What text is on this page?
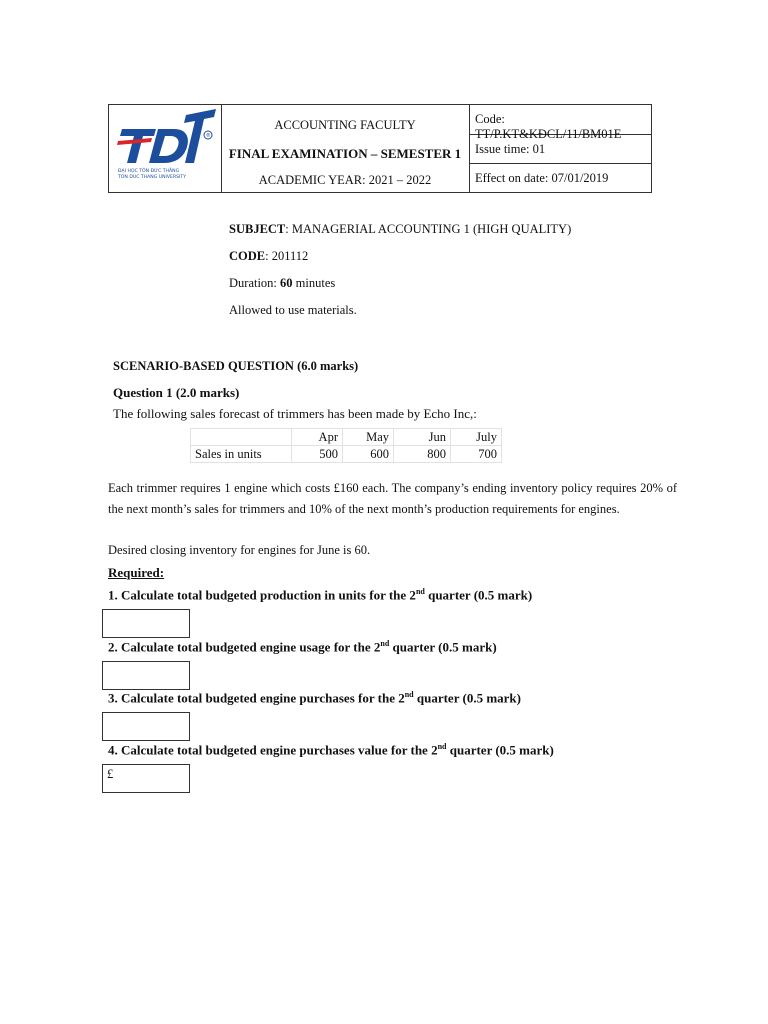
®
ĐẠI HỌC TÔN ĐỨC THẮNG
TON DUC THANG UNIVERSITY
ACCOUNTING FACULTY
FINAL EXAMINATION – SEMESTER 1
ACADEMIC YEAR: 2021 – 2022
Code: TT/P.KT&KĐCL/11/BM01E
Issue time: 01
Effect on date: 07/01/2019
SUBJECT: MANAGERIAL ACCOUNTING 1 (HIGH QUALITY)
CODE: 201112
Duration: 60 minutes
Allowed to use materials.
SCENARIO-BASED QUESTION (6.0 marks)
Question 1 (2.0 marks)
The following sales forecast of trimmers has been made by Echo Inc,:
	Apr	May	Jun	July
Sales in units	500	600	800	700
Each trimmer requires 1 engine which costs £160 each. The company’s ending inventory policy requires 20% of the next month’s sales for trimmers and 10% of the next month’s production requirements for engines.
Desired closing inventory for engines for June is 60.
Required:
1. Calculate total budgeted production in units for the 2nd quarter (0.5 mark)
2. Calculate total budgeted engine usage for the 2nd quarter (0.5 mark)
3. Calculate total budgeted engine purchases for the 2nd quarter (0.5 mark)
4. Calculate total budgeted engine purchases value for the 2nd quarter (0.5 mark)
£
